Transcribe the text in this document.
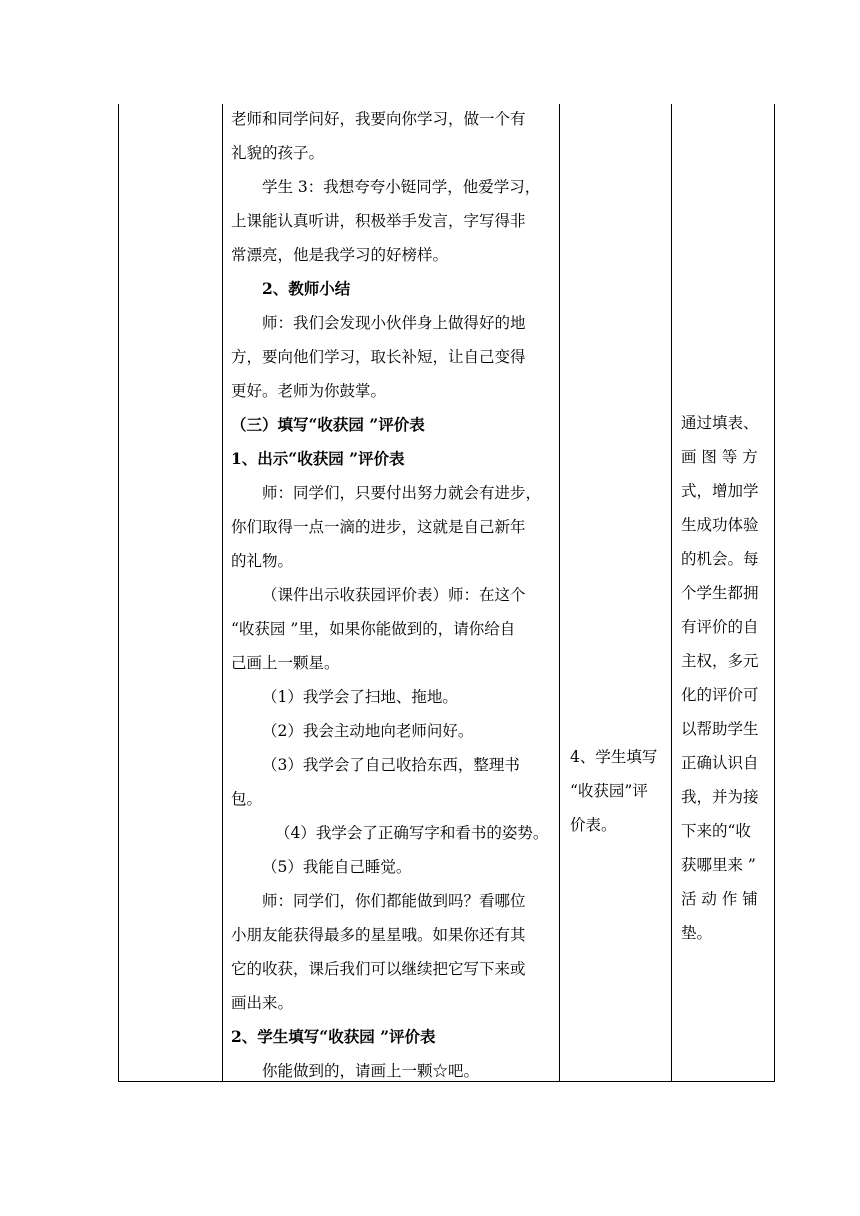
老师和同学问好，我要向你学习，做一个有

礼貌的孩子。

学生 3：我想夸夸小铤同学，他爱学习，

上课能认真听讲，积极举手发言，字写得非

常漂亮，他是我学习的好榜样。

2、教师小结

师：我们会发现小伙伴身上做得好的地

方，要向他们学习，取长补短，让自己变得

更好。老师为你鼓掌。

（三）填写“收获园 ”评价表

1、出示“收获园 ”评价表

师：同学们，只要付出努力就会有进步，

你们取得一点一滴的进步，这就是自己新年

的礼物。

（课件出示收获园评价表）师：在这个

“收获园 ”里，如果你能做到的，请你给自

己画上一颗星。

（1）我学会了扫地、拖地。

（2）我会主动地向老师问好。

（3）我学会了自己收拾东西，整理书

包。

（4）我学会了正确写字和看书的姿势。

（5）我能自己睡觉。

师：同学们，你们都能做到吗？看哪位

小朋友能获得最多的星星哦。如果你还有其

它的收获，课后我们可以继续把它写下来或

画出来。

2、学生填写“收获园 ”评价表

你能做到的，请画上一颗☆吧。

4、学生填写

“收获园”评

价表。

通过填表、

画 图 等 方

式，增加学

生成功体验

的机会。每

个学生都拥

有评价的自

主权，多元

化的评价可

以帮助学生

正确认识自

我，并为接

下来的“收

获哪里来 ”

活 动 作 铺

垫。
